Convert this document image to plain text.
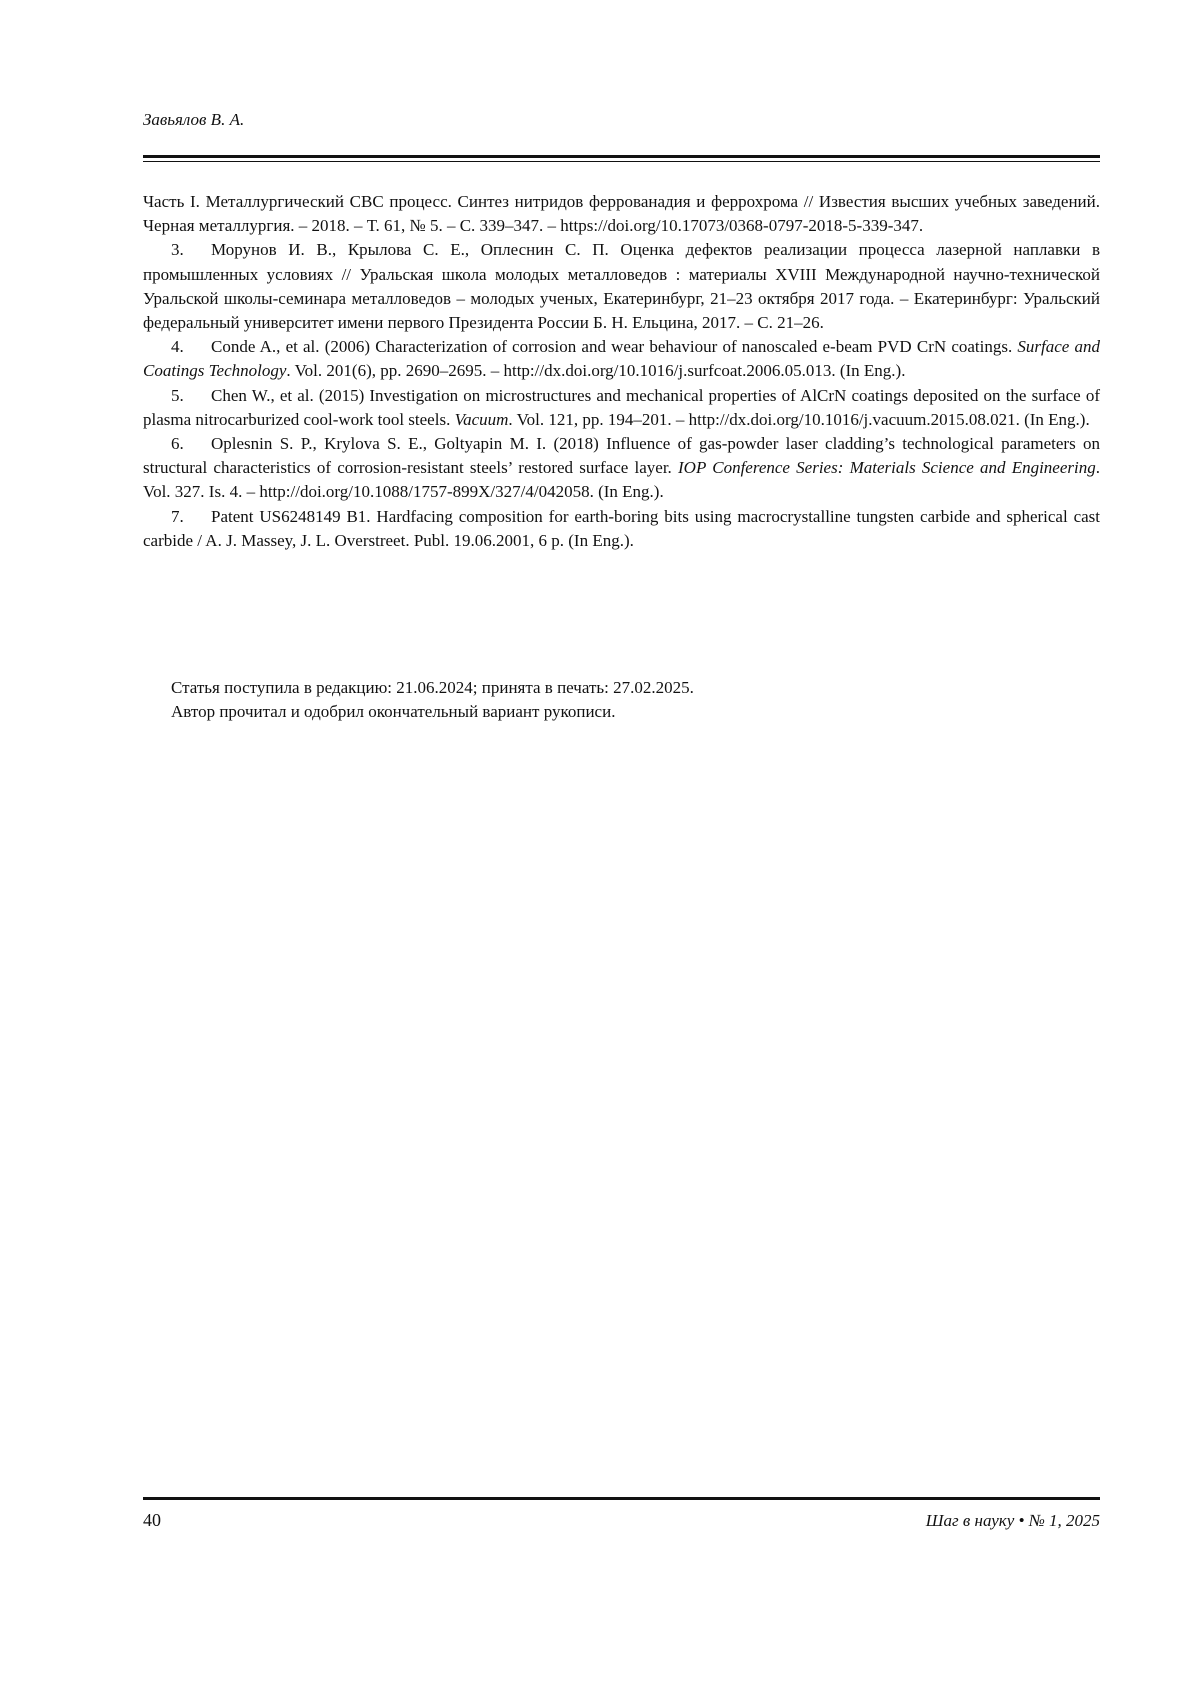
Завьялов В. А.

Часть I. Металлургический СВС процесс. Синтез нитридов феррованадия и феррохрома // Известия высших учебных заведений. Черная металлургия. – 2018. – Т. 61, № 5. – С. 339–347. – https://doi.org/10.17073/0368-0797-2018-5-339-347.

3. Морунов И. В., Крылова С. Е., Оплеснин С. П. Оценка дефектов реализации процесса лазерной наплавки в промышленных условиях // Уральская школа молодых металловедов : материалы XVIII Международной научно-технической Уральской школы-семинара металловедов – молодых ученых, Екатеринбург, 21–23 октября 2017 года. – Екатеринбург: Уральский федеральный университет имени первого Президента России Б. Н. Ельцина, 2017. – С. 21–26.

4. Conde A., et al. (2006) Characterization of corrosion and wear behaviour of nanoscaled e-beam PVD CrN coatings. Surface and Coatings Technology. Vol. 201(6), pp. 2690–2695. – http://dx.doi.org/10.1016/j.surfcoat.2006.05.013. (In Eng.).

5. Chen W., et al. (2015) Investigation on microstructures and mechanical properties of AlCrN coatings deposited on the surface of plasma nitrocarburized cool-work tool steels. Vacuum. Vol. 121, pp. 194–201. – http://dx.doi.org/10.1016/j.vacuum.2015.08.021. (In Eng.).

6. Oplesnin S. P., Krylova S. E., Goltyapin M. I. (2018) Influence of gas-powder laser cladding’s technological parameters on structural characteristics of corrosion-resistant steels’ restored surface layer. IOP Conference Series: Materials Science and Engineering. Vol. 327. Is. 4. – http://doi.org/10.1088/1757-899X/327/4/042058. (In Eng.).

7. Patent US6248149 B1. Hardfacing composition for earth-boring bits using macrocrystalline tungsten carbide and spherical cast carbide / A. J. Massey, J. L. Overstreet. Publ. 19.06.2001, 6 p. (In Eng.).

Статья поступила в редакцию: 21.06.2024; принята в печать: 27.02.2025.

Автор прочитал и одобрил окончательный вариант рукописи.

40	Шаг в науку • № 1, 2025
